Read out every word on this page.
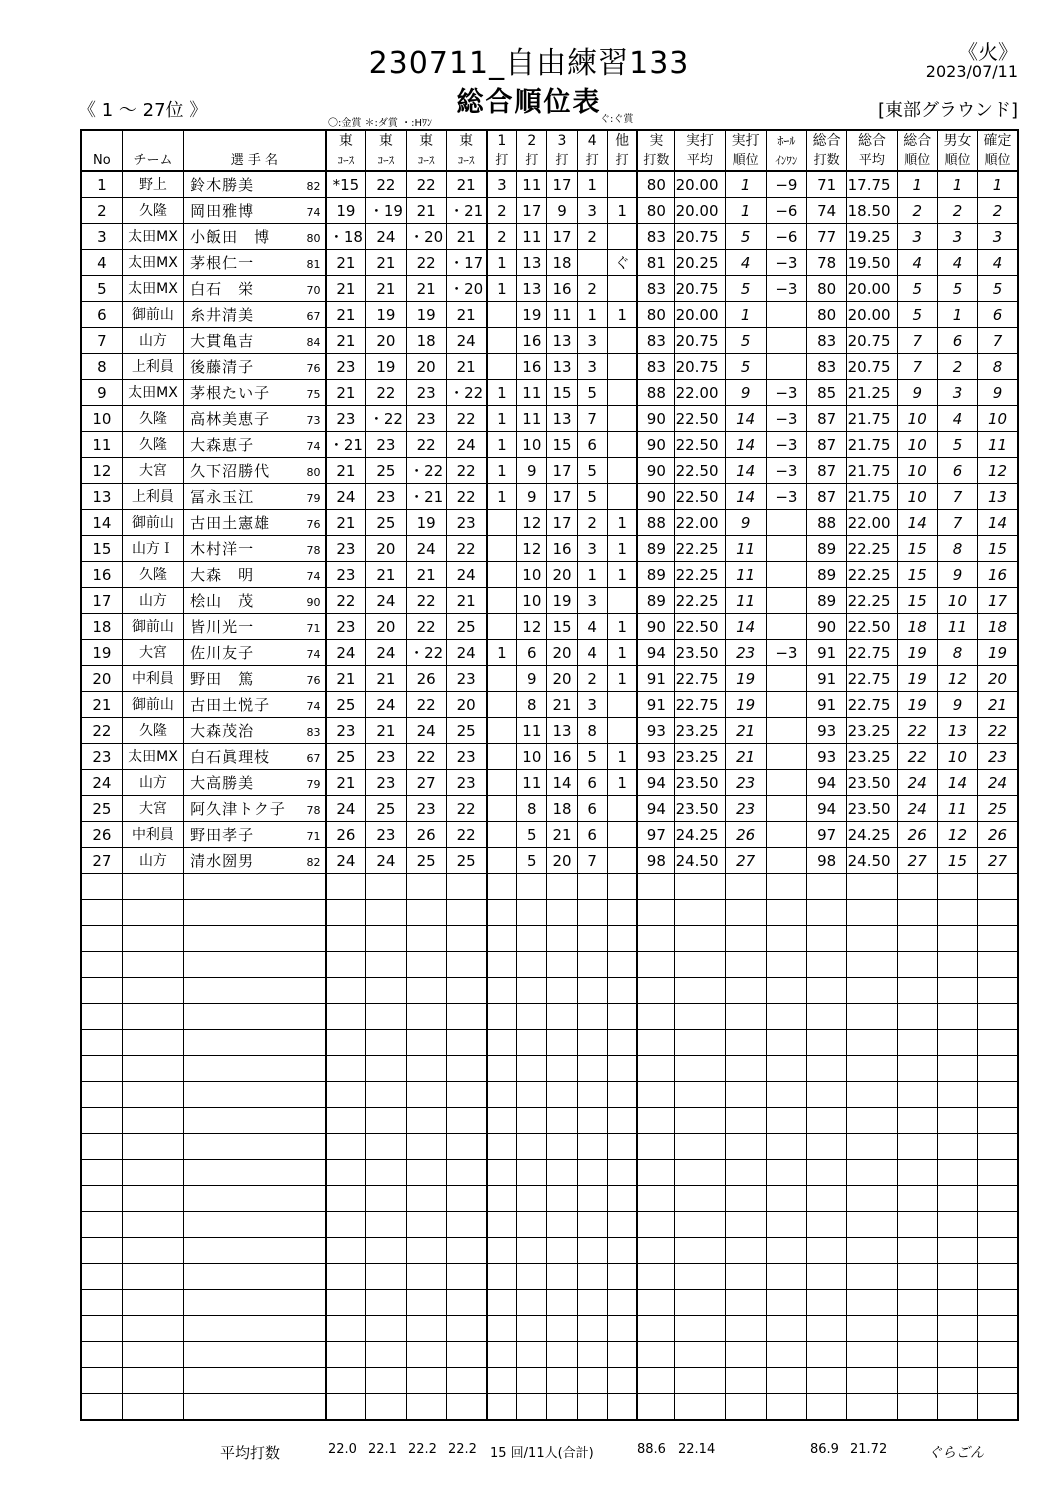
230711_自由練習133
総合順位表
《火》
2023/07/11
《 1 ～ 27位 》	[東部グラウンド]
〇:金賞 ＊:ダ賞 ・:Hﾜﾝ	ぐ:ぐ賞
			東	東	東	東	1	2	3	4	他	実	実打	実打	ﾎｰﾙ	総合	総合	総合	男女	確定
No	チーム	選 手 名	ｺｰｽ	ｺｰｽ	ｺｰｽ	ｺｰｽ	打	打	打	打	打	打数	平均	順位	ｲﾝﾜﾝ	打数	平均	順位	順位	順位
1	野上	鈴木勝美 82	*15	22	22	21	3	11	17	1		80	20.00	1	−9	71	17.75	1	1	1
2	久隆	岡田雅博 74	19	・19	21	・21	2	17	9	3	1	80	20.00	1	−6	74	18.50	2	2	2
3	太田MX	小飯田　博 80	・18	24	・20	21	2	11	17	2		83	20.75	5	−6	77	19.25	3	3	3
4	太田MX	茅根仁一 81	21	21	22	・17	1	13	18		ぐ	81	20.25	4	−3	78	19.50	4	4	4
5	太田MX	白石　栄 70	21	21	21	・20	1	13	16	2		83	20.75	5	−3	80	20.00	5	5	5
6	御前山	糸井清美 67	21	19	19	21		19	11	1	1	80	20.00	1		80	20.00	5	1	6
7	山方	大貫亀吉 84	21	20	18	24		16	13	3		83	20.75	5		83	20.75	7	6	7
8	上利員	後藤清子 76	23	19	20	21		16	13	3		83	20.75	5		83	20.75	7	2	8
9	太田MX	茅根たい子 75	21	22	23	・22	1	11	15	5		88	22.00	9	−3	85	21.25	9	3	9
10	久隆	高林美恵子 73	23	・22	23	22	1	11	13	7		90	22.50	14	−3	87	21.75	10	4	10
11	久隆	大森恵子 74	・21	23	22	24	1	10	15	6		90	22.50	14	−3	87	21.75	10	5	11
12	大宮	久下沼勝代 80	21	25	・22	22	1	9	17	5		90	22.50	14	−3	87	21.75	10	6	12
13	上利員	冨永玉江 79	24	23	・21	22	1	9	17	5		90	22.50	14	−3	87	21.75	10	7	13
14	御前山	古田土憲雄 76	21	25	19	23		12	17	2	1	88	22.00	9		88	22.00	14	7	14
15	山方Ｉ	木村洋一 78	23	20	24	22		12	16	3	1	89	22.25	11		89	22.25	15	8	15
16	久隆	大森　明 74	23	21	21	24		10	20	1	1	89	22.25	11		89	22.25	15	9	16
17	山方	桧山　茂 90	22	24	22	21		10	19	3		89	22.25	11		89	22.25	15	10	17
18	御前山	皆川光一 71	23	20	22	25		12	15	4	1	90	22.50	14		90	22.50	18	11	18
19	大宮	佐川友子 74	24	24	・22	24	1	6	20	4	1	94	23.50	23	−3	91	22.75	19	8	19
20	中利員	野田　篤 76	21	21	26	23		9	20	2	1	91	22.75	19		91	22.75	19	12	20
21	御前山	古田土悦子 74	25	24	22	20		8	21	3		91	22.75	19		91	22.75	19	9	21
22	久隆	大森茂治 83	23	21	24	25		11	13	8		93	23.25	21		93	23.25	22	13	22
23	太田MX	白石眞理枝 67	25	23	22	23		10	16	5	1	93	23.25	21		93	23.25	22	10	23
24	山方	大高勝美 79	21	23	27	23		11	14	6	1	94	23.50	23		94	23.50	24	14	24
25	大宮	阿久津トク子 78	24	25	23	22		8	18	6		94	23.50	23		94	23.50	24	11	25
26	中利員	野田孝子 71	26	23	26	22		5	21	6		97	24.25	26		97	24.25	26	12	26
27	山方	清水圀男 82	24	24	25	25		5	20	7		98	24.50	27		98	24.50	27	15	27

平均打数	22.0 22.1 22.2 22.2 15 回/11人(合計)	88.6 22.14	86.9 21.72	ぐらごん
